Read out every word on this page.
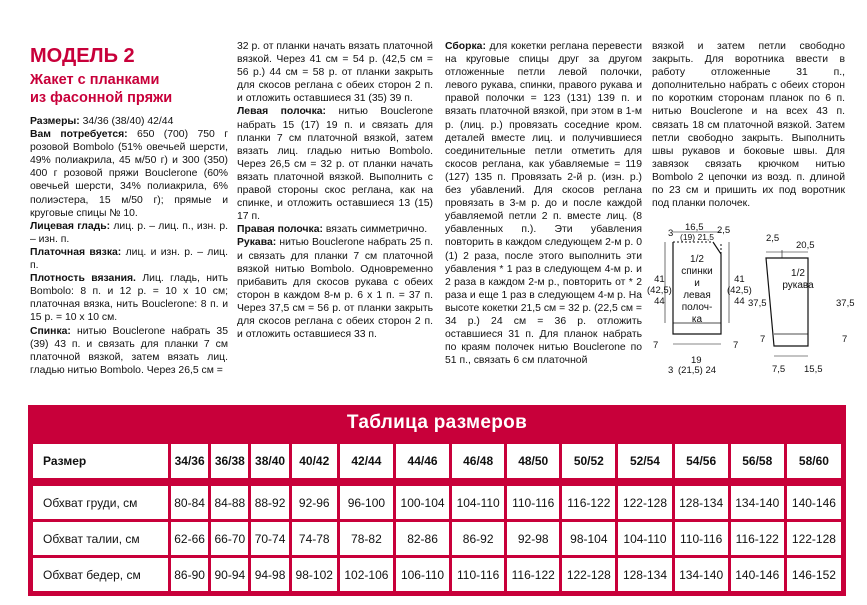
МОДЕЛЬ 2

Жакет с планками
из фасонной пряжи

Размеры: 34/36 (38/40) 42/44

Вам потребуется: 650 (700) 750 г розовой Bombolo (51% овечьей шерсти, 49% полиакрила, 45 м/50 г) и 300 (350) 400 г розовой пряжи Bouclerone (60% овечьей шерсти, 34% полиакрила, 6% полиэстера, 15 м/50 г); прямые и круговые спицы № 10.

Лицевая гладь: лиц. р. – лиц. п., изн. р. – изн. п.

Платочная вязка: лиц. и изн. р. – лиц. п.

Плотность вязания. Лиц. гладь, нить Bombolo: 8 п. и 12 р. = 10 x 10 см; платочная вязка, нить Bouclerone: 8 п. и 15 р. = 10 x 10 см.

Спинка: нитью Bouclerone набрать 35 (39) 43 п. и связать для планки 7 см платочной вязкой, затем вязать лиц. гладью нитью Bombolo. Через 26,5 см =

32 р. от планки начать вязать платочной вязкой. Через 41 см = 54 р. (42,5 см = 56 р.) 44 см = 58 р. от планки закрыть для скосов реглана с обеих сторон 2 п. и отложить оставшиеся 31 (35) 39 п.

Левая полочка: нитью Bouclerone набрать 15 (17) 19 п. и связать для планки 7 см платочной вязкой, затем вязать лиц. гладью нитью Bombolo. Через 26,5 см = 32 р. от планки начать вязать платочной вязкой. Выполнить с правой стороны скос реглана, как на спинке, и отложить оставшиеся 13 (15) 17 п.

Правая полочка: вязать симметрично.

Рукава: нитью Bouclerone набрать 25 п. и связать для планки 7 см платочной вязкой нитью Bombolo. Одновременно прибавить для скосов рукава с обеих сторон в каждом 8-м р. 6 x 1 п. = 37 п. Через 37,5 см = 56 р. от планки закрыть для скосов реглана с обеих сторон 2 п. и отложить оставшиеся 33 п.

Сборка: для кокетки реглана перевести на круговые спицы друг за другом отложенные петли левой полочки, левого рукава, спинки, правого рукава и правой полочки = 123 (131) 139 п. и вязать платочной вязкой, при этом в 1-м р. (лиц. р.) провязать соседние кром. деталей вместе лиц. и получившиеся соединительные петли отметить для скосов реглана, как убавляемые = 119 (127) 135 п. Провязать 2-й р. (изн. р.) без убавлений. Для скосов реглана провязать в 3-м р. до и после каждой убавляемой петли 2 п. вместе лиц. (8 убавленных п.). Эти убавления повторить в каждом следующем 2-м р. 0 (1) 2 раза, после этого выполнить эти убавления * 1 раз в следующем 4-м р. и 2 раза в каждом 2-м р., повторить от * 2 раза и еще 1 раз в следующем 4-м р. На высоте кокетки 21,5 см = 32 р. (22,5 см = 34 р.) 24 см = 36 р. отложить оставшиеся 31 п. Для планок набрать по краям полочек нитью Bouclerone по 51 п., связать 6 см платочной

вязкой и затем петли свободно закрыть. Для воротника ввести в работу отложенные 31 п., дополнительно набрать с обеих сторон по коротким сторонам планок по 6 п. нитью Bouclerone и на всех 43 п. связать 18 см платочной вязкой. Затем петли свободно закрыть. Выполнить швы рукавов и боковые швы. Для завязок связать крючком нитью Bombolo 2 цепочки из возд. п. длиной по 23 см и пришить их под воротник под планки полочек.

3
16,5
(19) 21,5
2,5
1/2
спинки
и
левая
полоч-
ка
41
(42,5)
44
41
(42,5)
44
7	7
3
19
(21,5) 24
2,5
20,5
1/2
рукава
37,5	37,5
7	7
7,5 15,5
Таблица размеров
Размер	34/36	36/38	38/40	40/42	42/44	44/46	46/48	48/50	50/52	52/54	54/56	56/58	58/60
Обхват груди, см	80-84	84-88	88-92	92-96	96-100	100-104	104-110	110-116	116-122	122-128	128-134	134-140	140-146
Обхват талии, см	62-66	66-70	70-74	74-78	78-82	82-86	86-92	92-98	98-104	104-110	110-116	116-122	122-128
Обхват бедер, см	86-90	90-94	94-98	98-102	102-106	106-110	110-116	116-122	122-128	128-134	134-140	140-146	146-152
